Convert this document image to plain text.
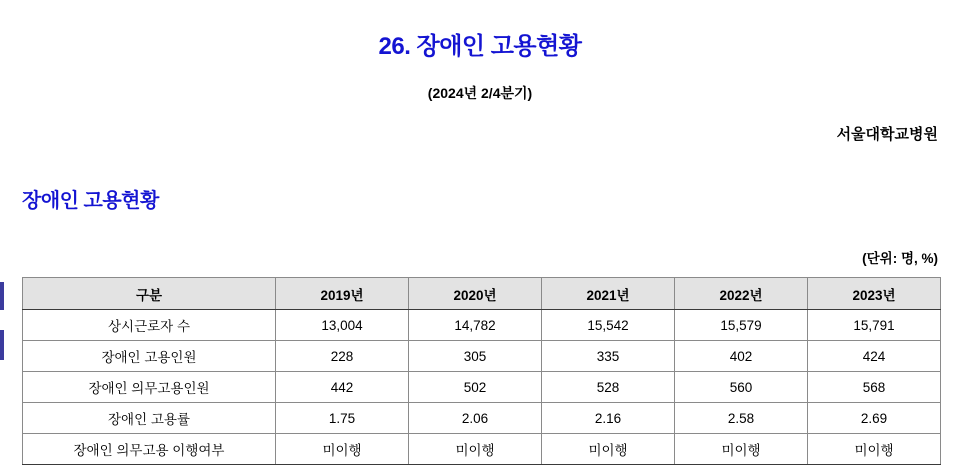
26. 장애인 고용현황

(2024년 2/4분기)

서울대학교병원

장애인 고용현황

(단위: 명, %)

구분	2019년	2020년	2021년	2022년	2023년
상시근로자 수	13,004	14,782	15,542	15,579	15,791
장애인 고용인원	228	305	335	402	424
장애인 의무고용인원	442	502	528	560	568
장애인 고용률	1.75	2.06	2.16	2.58	2.69
장애인 의무고용 이행여부	미이행	미이행	미이행	미이행	미이행
